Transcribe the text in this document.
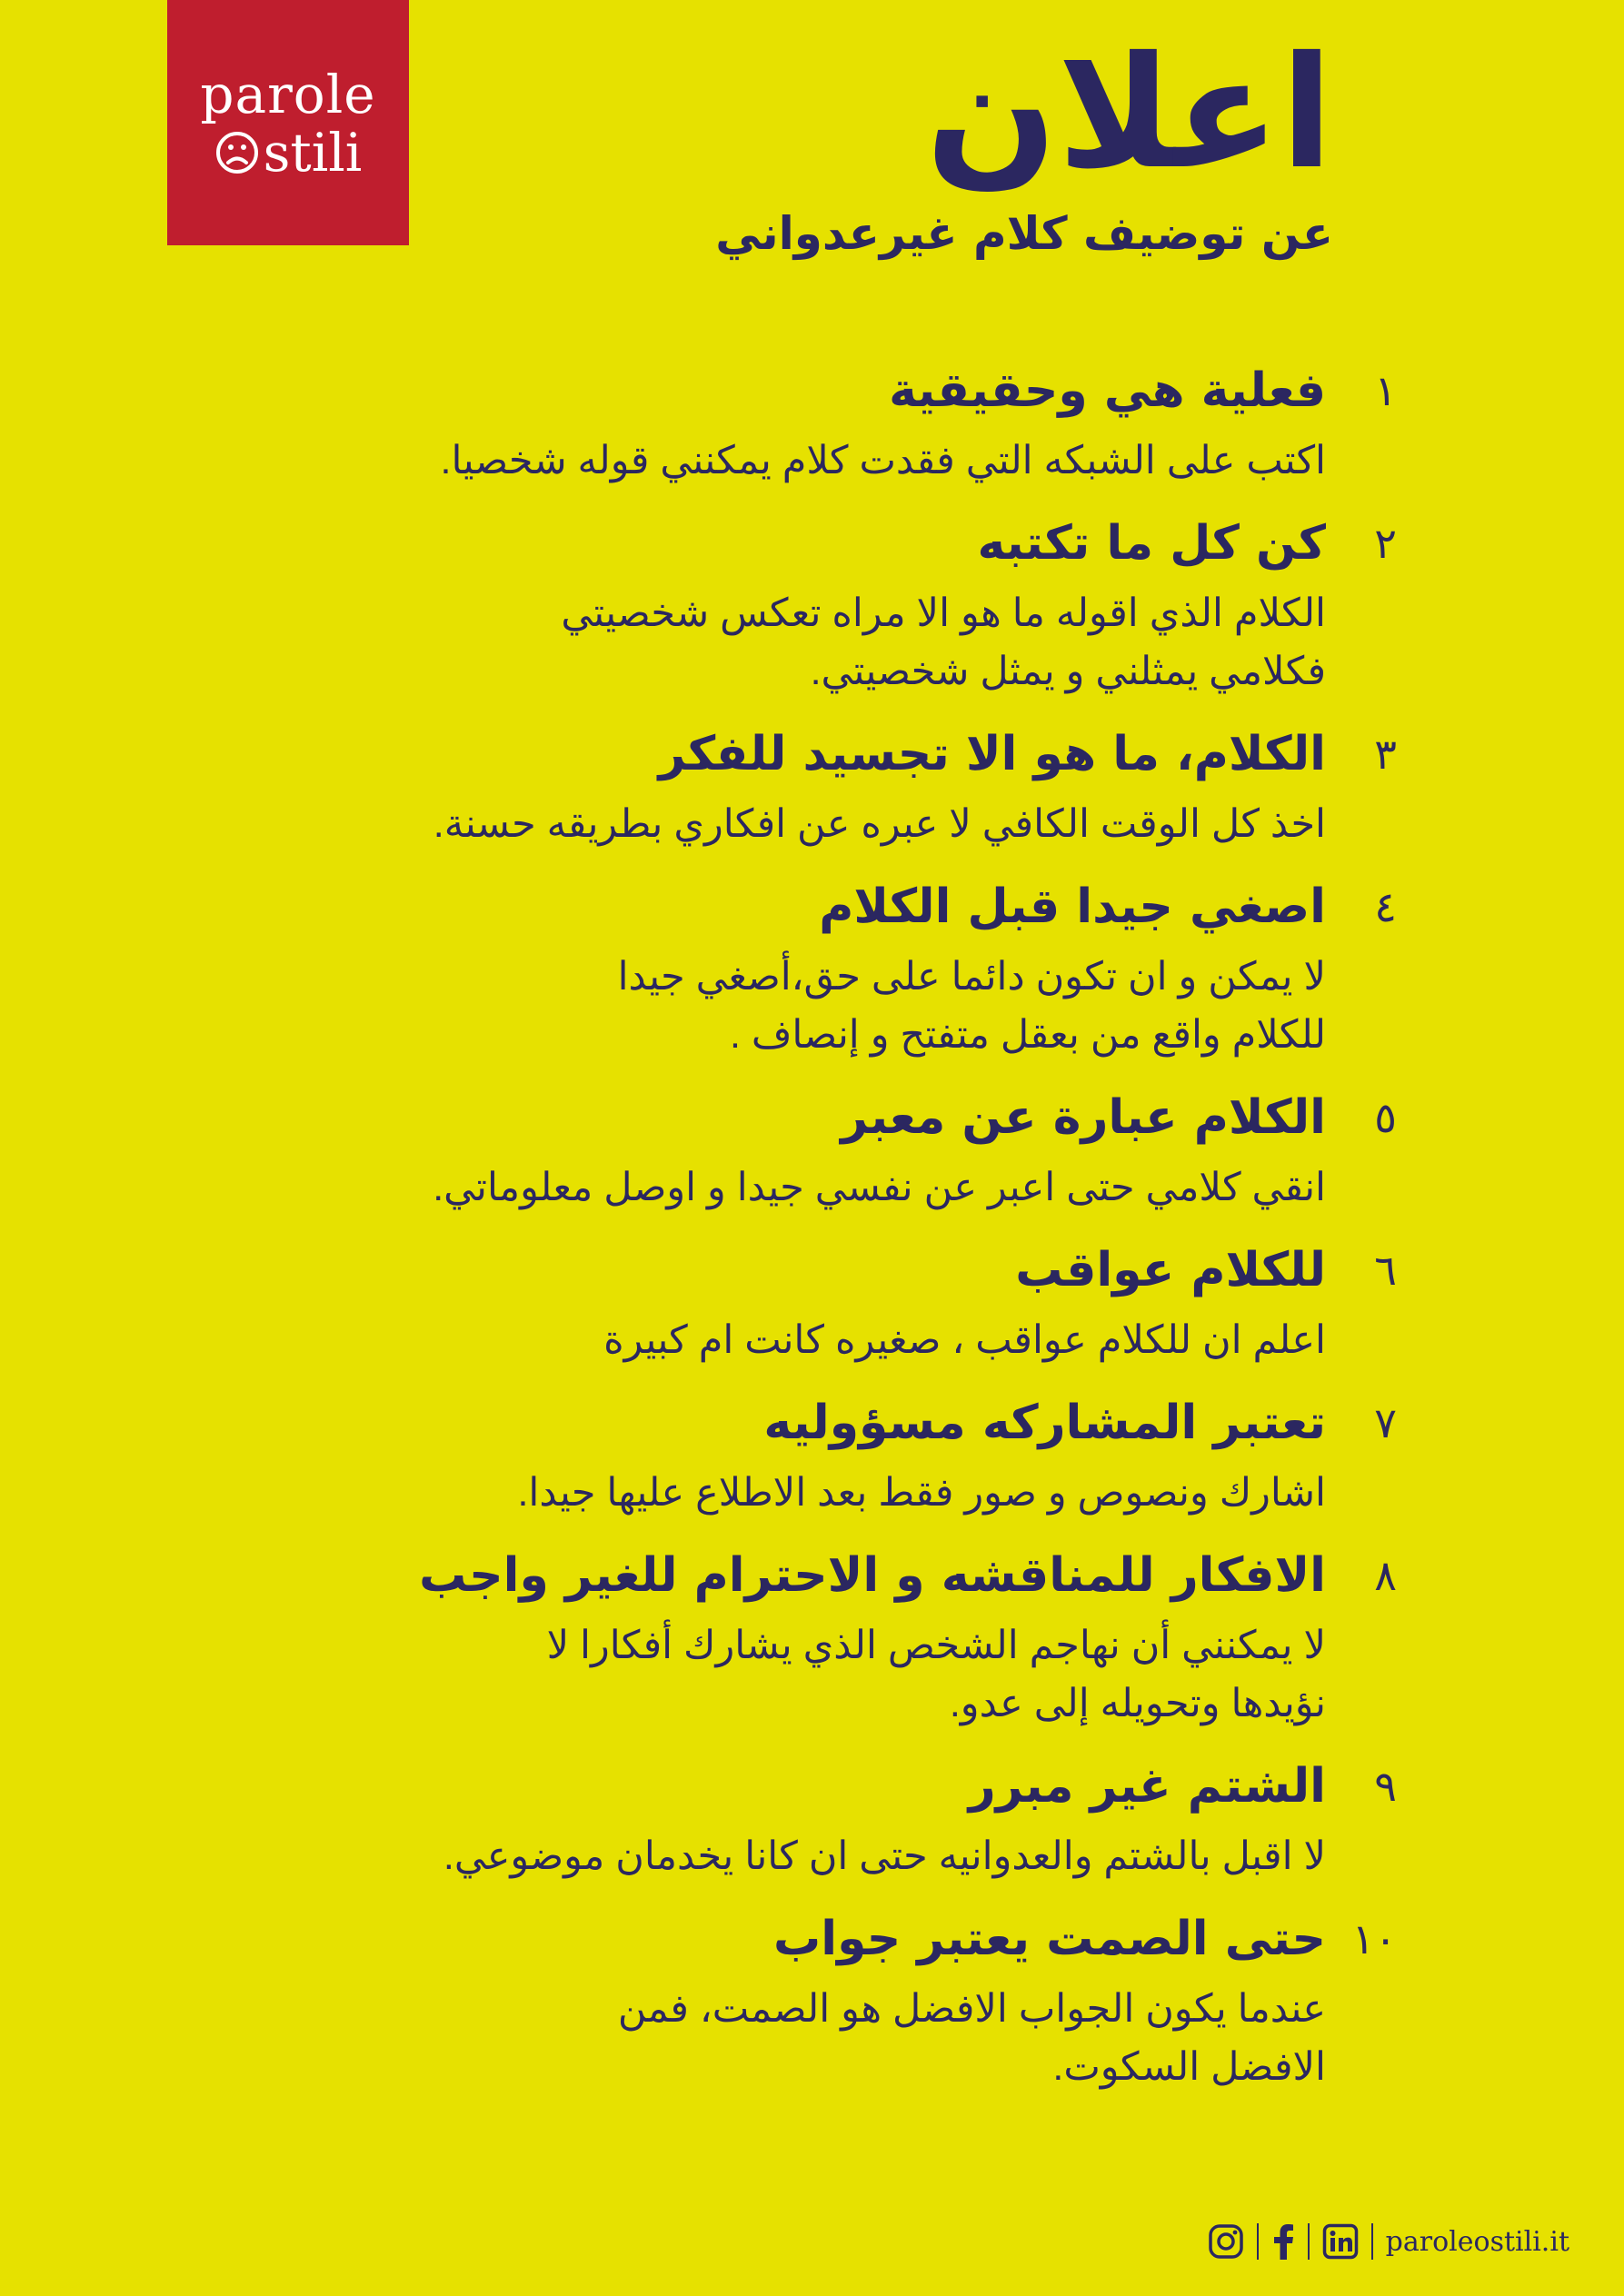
parole
stili	اعلان
عن توضيف كلام غيرعدواني
١
فعلية هي وحقيقية
اكتب على الشبكه التي فقدت كلام يمكنني قوله شخصيا.
٢
كن كل ما تكتبه
الكلام الذي اقوله ما هو الا مراه تعكس شخصيتي
فكلامي يمثلني و يمثل شخصيتي.
٣
الكلام، ما هو الا تجسيد للفكر
اخذ كل الوقت الكافي لا عبره عن افكاري بطريقه حسنة.
٤
اصغي جيدا قبل الكلام
لا يمكن و ان تكون دائما على حق،أصغي جيدا
للكلام واقع من بعقل متفتح و إنصاف .
٥
الكلام عبارة عن معبر
انقي كلامي حتى اعبر عن نفسي جيدا و اوصل معلوماتي.
٦
للكلام عواقب
اعلم ان للكلام عواقب ، صغيره كانت ام كبيرة
٧
تعتبر المشاركه مسؤوليه
اشارك ونصوص و صور فقط بعد الاطلاع عليها جيدا.
٨
الافكار للمناقشه و الاحترام للغير واجب
لا يمكنني أن نهاجم الشخص الذي يشارك أفكارا لا
نؤيدها وتحويله إلى عدو.
٩
الشتم غير مبرر
لا اقبل بالشتم والعدوانيه حتى ان كانا يخدمان موضوعي.
١٠
حتى الصمت يعتبر جواب
عندما يكون الجواب الافضل هو الصمت، فمن
الافضل السكوت.
paroleostili.it
